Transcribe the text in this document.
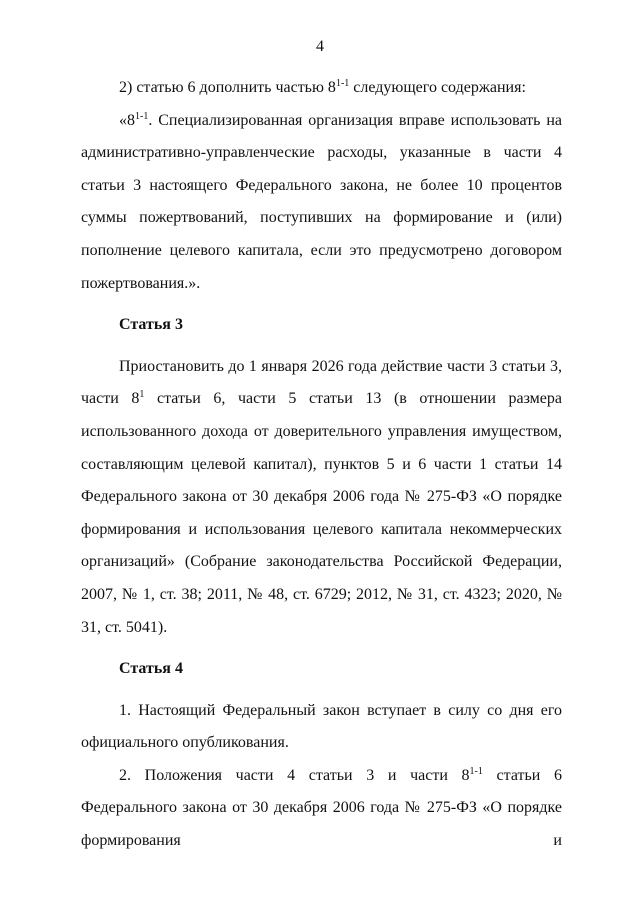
4

2) статью 6 дополнить частью 8$^{1-1}$ следующего содержания:

«8$^{1-1}$. Специализированная организация вправе использовать на административно-управленческие расходы, указанные в части 4 статьи 3 настоящего Федерального закона, не более 10 процентов суммы пожертвований, поступивших на формирование и (или) пополнение целевого капитала, если это предусмотрено договором пожертвования.».

Статья 3

Приостановить до 1 января 2026 года действие части 3 статьи 3, части $8^1$ статьи 6, части 5 статьи 13 (в отношении размера использованного дохода от доверительного управления имуществом, составляющим целевой капитал), пунктов 5 и 6 части 1 статьи 14 Федерального закона от 30 декабря 2006 года № 275-ФЗ «О порядке формирования и использования целевого капитала некоммерческих организаций» (Собрание законодательства Российской Федерации, 2007, № 1, ст. 38; 2011, № 48, ст. 6729; 2012, № 31, ст. 4323; 2020, № 31, ст. 5041).

Статья 4

1. Настоящий Федеральный закон вступает в силу со дня его официального опубликования.

2. Положения части 4 статьи 3 и части 8$^{1-1}$ статьи 6 Федерального закона от 30 декабря 2006 года № 275-ФЗ «О порядке формирования и
